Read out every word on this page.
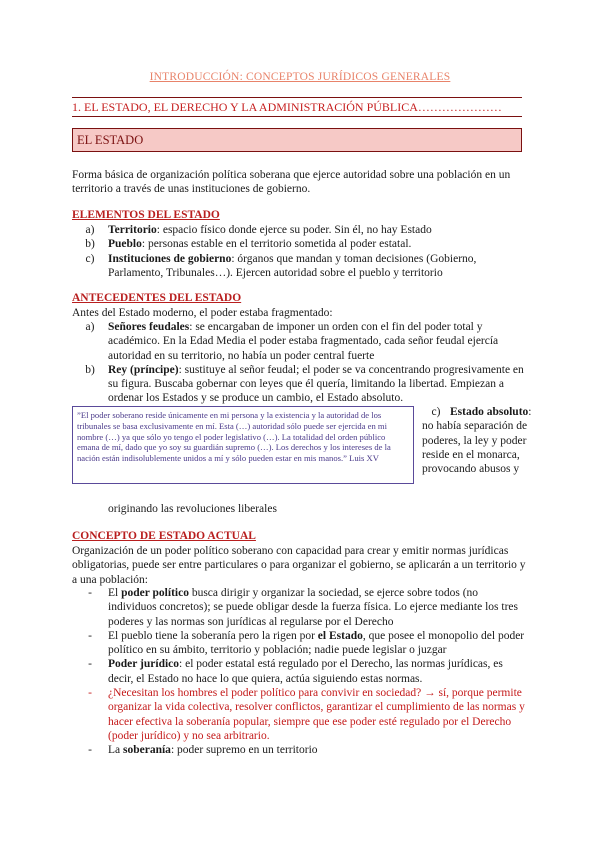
INTRODUCCIÓN: CONCEPTOS JURÍDICOS GENERALES
1. EL ESTADO, EL DERECHO Y LA ADMINISTRACIÓN PÚBLICA…………………
EL ESTADO
Forma básica de organización política soberana que ejerce autoridad sobre una población en un territorio a través de unas instituciones de gobierno.
ELEMENTOS DEL ESTADO
a)	Territorio: espacio físico donde ejerce su poder. Sin él, no hay Estado
b)	Pueblo: personas estable en el territorio sometida al poder estatal.
c)	Instituciones de gobierno: órganos que mandan y toman decisiones (Gobierno, Parlamento, Tribunales…). Ejercen autoridad sobre el pueblo y territorio
ANTECEDENTES DEL ESTADO
Antes del Estado moderno, el poder estaba fragmentado:
a)	Señores feudales: se encargaban de imponer un orden con el fin del poder total y académico. En la Edad Media el poder estaba fragmentado, cada señor feudal ejercía autoridad en su territorio, no había un poder central fuerte
b)	Rey (príncipe): sustituye al señor feudal; el poder se va concentrando progresivamente en su figura. Buscaba gobernar con leyes que él quería, limitando la libertad. Empiezan a ordenar los Estados y se produce un cambio, el Estado absoluto.
”El poder soberano reside únicamente en mi persona y la existencia y la autoridad de los tribunales se basa exclusivamente en mí. Esta (…) autoridad sólo puede ser ejercida en mi nombre (…) ya que sólo yo tengo el poder legislativo (…). La totalidad del orden público emana de mí, dado que yo soy su guardián supremo (…). Los derechos y los intereses de la nación están indisolublemente unidos a mí y sólo pueden estar en mis manos.” Luis XV
c) Estado absoluto: no había separación de poderes, la ley y poder reside en el monarca, provocando abusos y
originando las revoluciones liberales
CONCEPTO DE ESTADO ACTUAL
Organización de un poder político soberano con capacidad para crear y emitir normas jurídicas obligatorias, puede ser entre particulares o para organizar el gobierno, se aplicarán a un territorio y a una población:
-	El poder político busca dirigir y organizar la sociedad, se ejerce sobre todos (no individuos concretos); se puede obligar desde la fuerza física. Lo ejerce mediante los tres poderes y las normas son jurídicas al regularse por el Derecho
-	El pueblo tiene la soberanía pero la rigen por el Estado, que posee el monopolio del poder político en su ámbito, territorio y población; nadie puede legislar o juzgar
-	Poder jurídico: el poder estatal está regulado por el Derecho, las normas jurídicas, es decir, el Estado no hace lo que quiera, actúa siguiendo estas normas.
-	¿Necesitan los hombres el poder político para convivir en sociedad? → sí, porque permite organizar la vida colectiva, resolver conflictos, garantizar el cumplimiento de las normas y hacer efectiva la soberanía popular, siempre que ese poder esté regulado por el Derecho (poder jurídico) y no sea arbitrario.
-	La soberanía: poder supremo en un territorio
